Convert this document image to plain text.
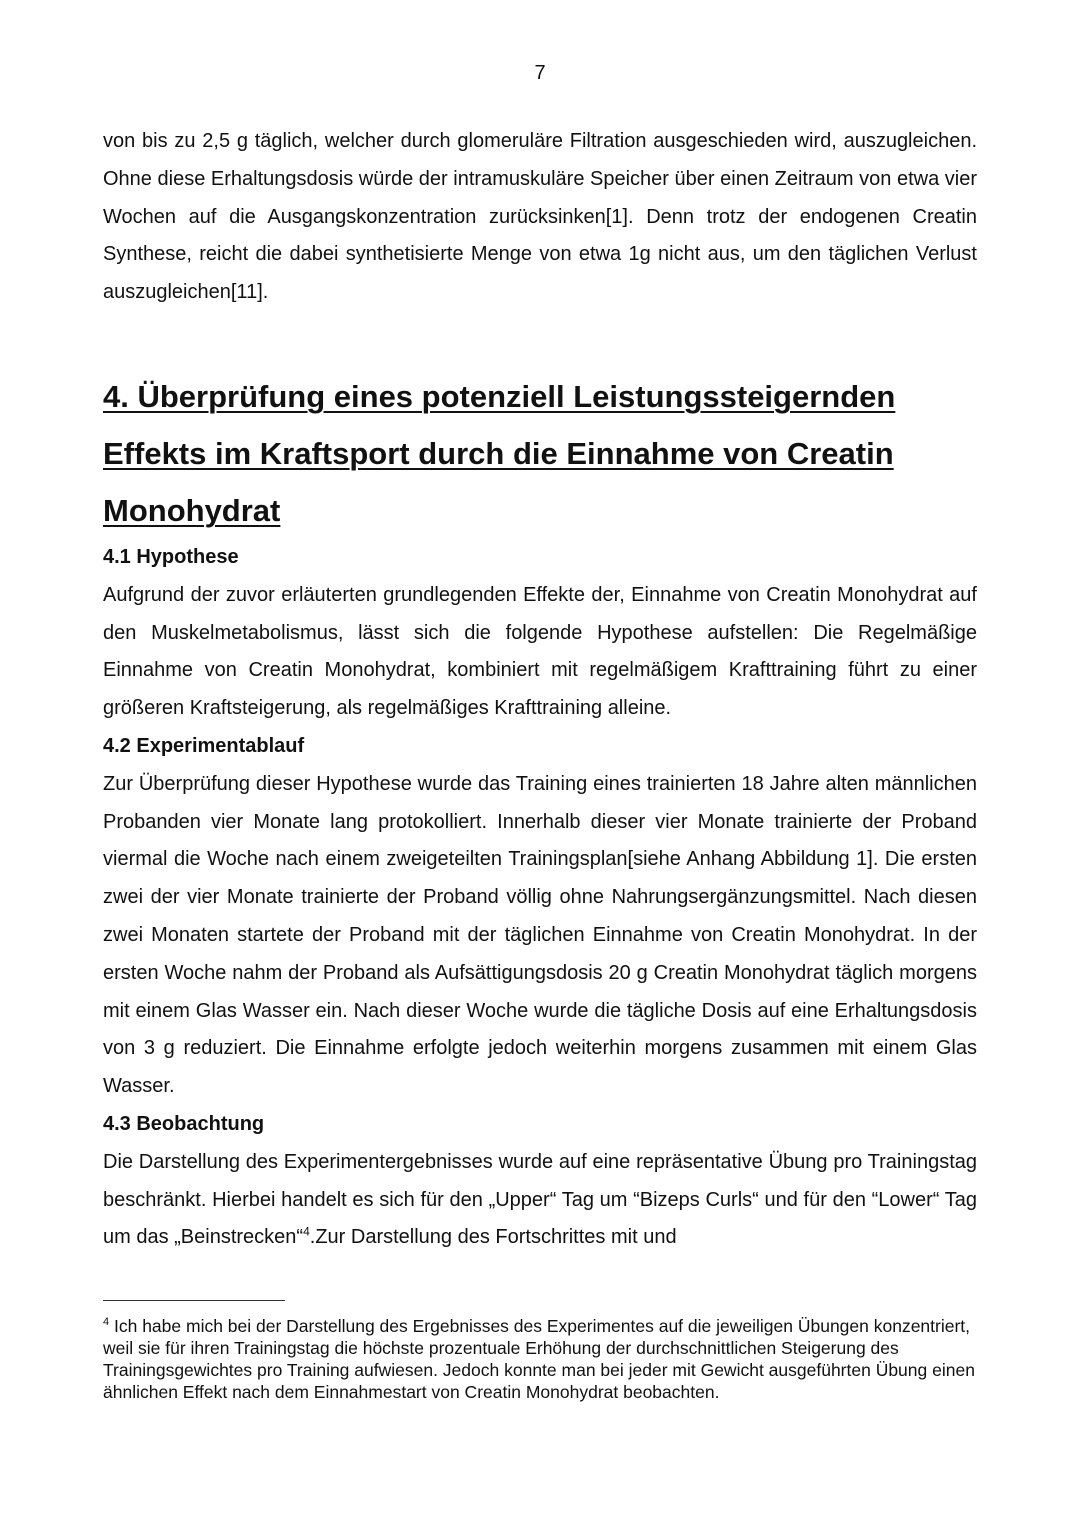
7

von bis zu 2,5 g täglich, welcher durch glomeruläre Filtration ausgeschieden wird, auszugleichen. Ohne diese Erhaltungsdosis würde der intramuskuläre Speicher über einen Zeitraum von etwa vier Wochen auf die Ausgangskonzentration zurücksinken[1]. Denn trotz der endogenen Creatin Synthese, reicht die dabei synthetisierte Menge von etwa 1g nicht aus, um den täglichen Verlust auszugleichen[11].

4. Überprüfung eines potenziell Leistungssteigernden Effekts im Kraftsport durch die Einnahme von Creatin Monohydrat
4.1 Hypothese

Aufgrund der zuvor erläuterten grundlegenden Effekte der, Einnahme von Creatin Monohydrat auf den Muskelmetabolismus, lässt sich die folgende Hypothese aufstellen: Die Regelmäßige Einnahme von Creatin Monohydrat, kombiniert mit regelmäßigem Krafttraining führt zu einer größeren Kraftsteigerung, als regelmäßiges Krafttraining alleine.

4.2 Experimentablauf

Zur Überprüfung dieser Hypothese wurde das Training eines trainierten 18 Jahre alten männlichen Probanden vier Monate lang protokolliert. Innerhalb dieser vier Monate trainierte der Proband viermal die Woche nach einem zweigeteilten Trainingsplan[siehe Anhang Abbildung 1]. Die ersten zwei der vier Monate trainierte der Proband völlig ohne Nahrungsergänzungsmittel. Nach diesen zwei Monaten startete der Proband mit der täglichen Einnahme von Creatin Monohydrat. In der ersten Woche nahm der Proband als Aufsättigungsdosis 20 g Creatin Monohydrat täglich morgens mit einem Glas Wasser ein. Nach dieser Woche wurde die tägliche Dosis auf eine Erhaltungsdosis von 3 g reduziert. Die Einnahme erfolgte jedoch weiterhin morgens zusammen mit einem Glas Wasser.

4.3 Beobachtung

Die Darstellung des Experimentergebnisses wurde auf eine repräsentative Übung pro Trainingstag beschränkt. Hierbei handelt es sich für den „Upper“ Tag um “Bizeps Curls“ und für den “Lower“ Tag um das „Beinstrecken“$^4$.Zur Darstellung des Fortschrittes mit und

$^4$ Ich habe mich bei der Darstellung des Ergebnisses des Experimentes auf die jeweiligen Übungen konzentriert, weil sie für ihren Trainingstag die höchste prozentuale Erhöhung der durchschnittlichen Steigerung des Trainingsgewichtes pro Training aufwiesen. Jedoch konnte man bei jeder mit Gewicht ausgeführten Übung einen ähnlichen Effekt nach dem Einnahmestart von Creatin Monohydrat beobachten.
